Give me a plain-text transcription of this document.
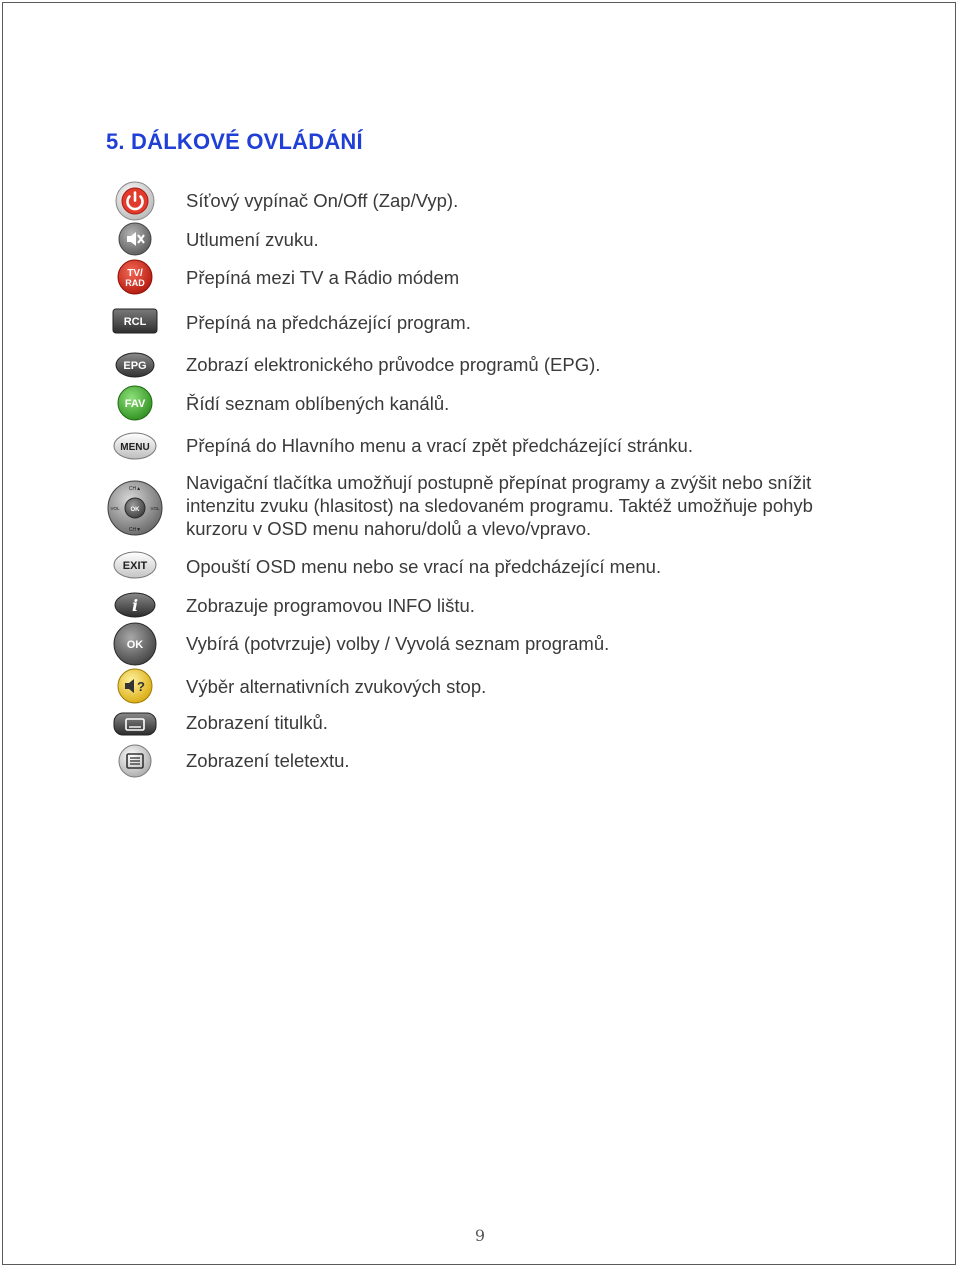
5. DÁLKOVÉ OVLÁDÁNÍ

Síťový vypínač On/Off (Zap/Vyp).

Utlumení zvuku.

TV/
RAD Přepíná mezi TV a Rádio módem

RCL Přepíná na předcházející program.

EPG Zobrazí elektronického průvodce programů (EPG).

FAV Řídí seznam oblíbených kanálů.

MENU Přepíná do Hlavního menu a vrací zpět předcházející stránku.

OK
CH▲
CH▼
VOL	VOL

Navigační tlačítka umožňují postupně přepínat programy a zvýšit nebo snížit intenzitu zvuku (hlasitost) na sledovaném programu. Taktéž umožňuje pohyb kurzoru v OSD menu nahoru/dolů a vlevo/vpravo.

EXIT Opouští OSD menu nebo se vrací na předcházející menu.

i	Zobrazuje programovou INFO lištu.

OK Vybírá (potvrzuje) volby / Vyvolá seznam programů.

? Výběr alternativních zvukových stop.

Zobrazení titulků.

Zobrazení teletextu.

9
